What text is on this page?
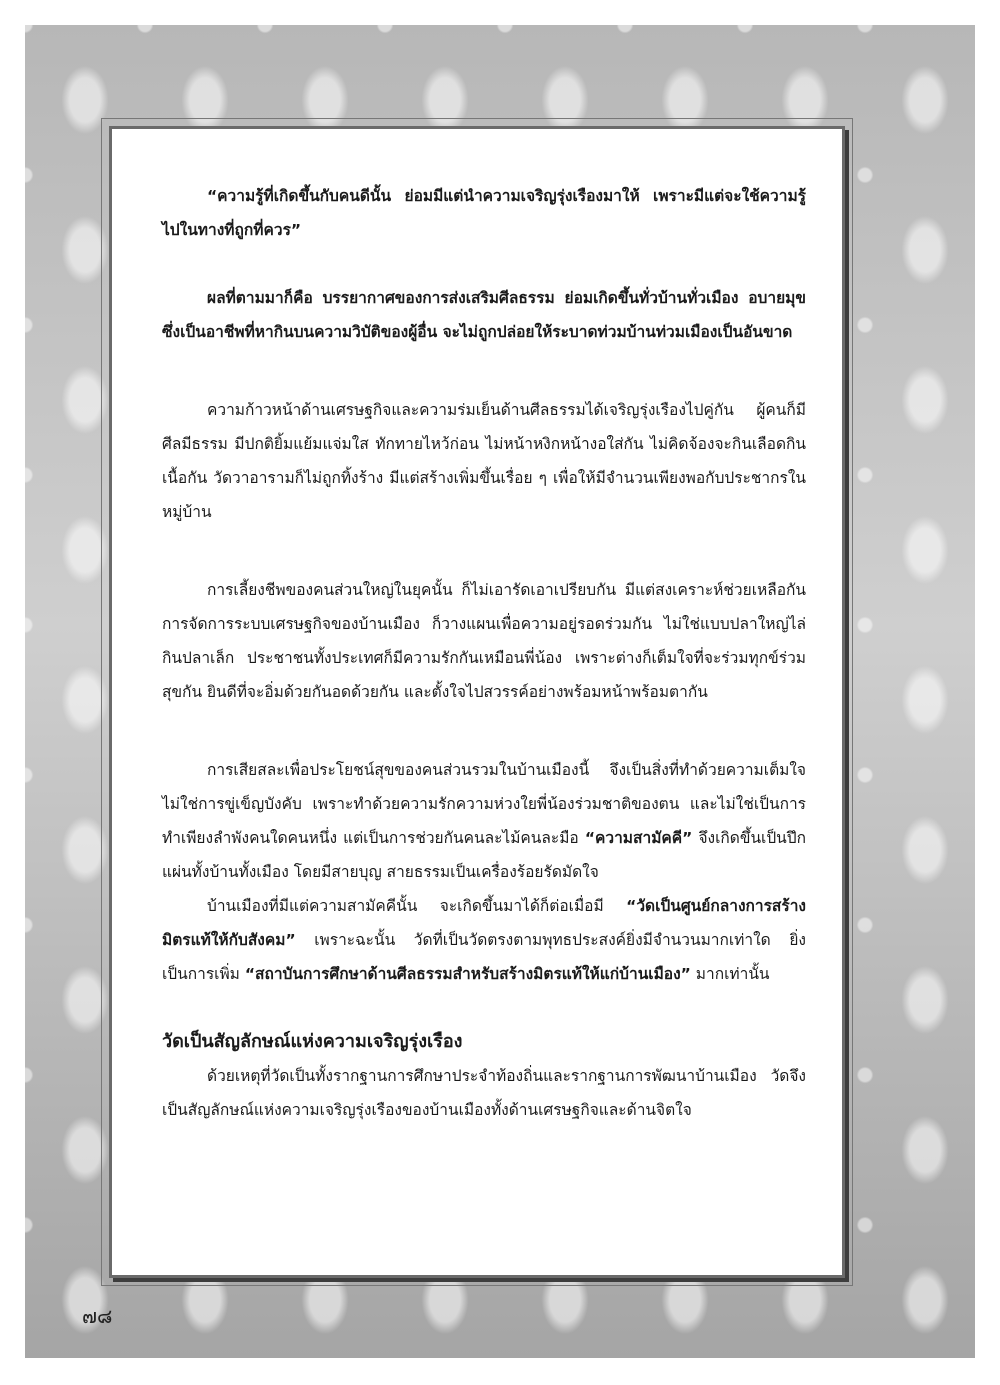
“ความรู้ที่เกิดขึ้นกับคนดีนั้น ย่อมมีแต่นำความเจริญรุ่งเรืองมาให้ เพราะมีแต่จะใช้ความรู้ไปในทางที่ถูกที่ควร”

ผลที่ตามมาก็คือ บรรยากาศของการส่งเสริมศีลธรรม ย่อมเกิดขึ้นทั่วบ้านทั่วเมือง อบายมุขซึ่งเป็นอาชีพที่หากินบนความวิบัติของผู้อื่น จะไม่ถูกปล่อยให้ระบาดท่วมบ้านท่วมเมืองเป็นอันขาด

ความก้าวหน้าด้านเศรษฐกิจและความร่มเย็นด้านศีลธรรมได้เจริญรุ่งเรืองไปคู่กัน ผู้คนก็มีศีลมีธรรม มีปกติยิ้มแย้มแจ่มใส ทักทายไหว้ก่อน ไม่หน้าหงิกหน้างอใส่กัน ไม่คิดจ้องจะกินเลือดกินเนื้อกัน วัดวาอารามก็ไม่ถูกทิ้งร้าง มีแต่สร้างเพิ่มขึ้นเรื่อย ๆ เพื่อให้มีจำนวนเพียงพอกับประชากรในหมู่บ้าน

การเลี้ยงชีพของคนส่วนใหญ่ในยุคนั้น ก็ไม่เอารัดเอาเปรียบกัน มีแต่สงเคราะห์ช่วยเหลือกัน การจัดการระบบเศรษฐกิจของบ้านเมือง ก็วางแผนเพื่อความอยู่รอดร่วมกัน ไม่ใช่แบบปลาใหญ่ไล่กินปลาเล็ก ประชาชนทั้งประเทศก็มีความรักกันเหมือนพี่น้อง เพราะต่างก็เต็มใจที่จะร่วมทุกข์ร่วมสุขกัน ยินดีที่จะอิ่มด้วยกันอดด้วยกัน และตั้งใจไปสวรรค์อย่างพร้อมหน้าพร้อมตากัน

การเสียสละเพื่อประโยชน์สุขของคนส่วนรวมในบ้านเมืองนี้ จึงเป็นสิ่งที่ทำด้วยความเต็มใจ ไม่ใช่การขู่เข็ญบังคับ เพราะทำด้วยความรักความห่วงใยพี่น้องร่วมชาติของตน และไม่ใช่เป็นการทำเพียงลำพังคนใดคนหนึ่ง แต่เป็นการช่วยกันคนละไม้คนละมือ “ความสามัคคี” จึงเกิดขึ้นเป็นปึกแผ่นทั้งบ้านทั้งเมือง โดยมีสายบุญ สายธรรมเป็นเครื่องร้อยรัดมัดใจ

บ้านเมืองที่มีแต่ความสามัคคีนั้น จะเกิดขึ้นมาได้ก็ต่อเมื่อมี “วัดเป็นศูนย์กลางการสร้างมิตรแท้ให้กับสังคม” เพราะฉะนั้น วัดที่เป็นวัดตรงตามพุทธประสงค์ยิ่งมีจำนวนมากเท่าใด ยิ่งเป็นการเพิ่ม “สถาบันการศึกษาด้านศีลธรรมสำหรับสร้างมิตรแท้ให้แก่บ้านเมือง” มากเท่านั้น

วัดเป็นสัญลักษณ์แห่งความเจริญรุ่งเรือง

ด้วยเหตุที่วัดเป็นทั้งรากฐานการศึกษาประจำท้องถิ่นและรากฐานการพัฒนาบ้านเมือง วัดจึงเป็นสัญลักษณ์แห่งความเจริญรุ่งเรืองของบ้านเมืองทั้งด้านเศรษฐกิจและด้านจิตใจ

๗๘
